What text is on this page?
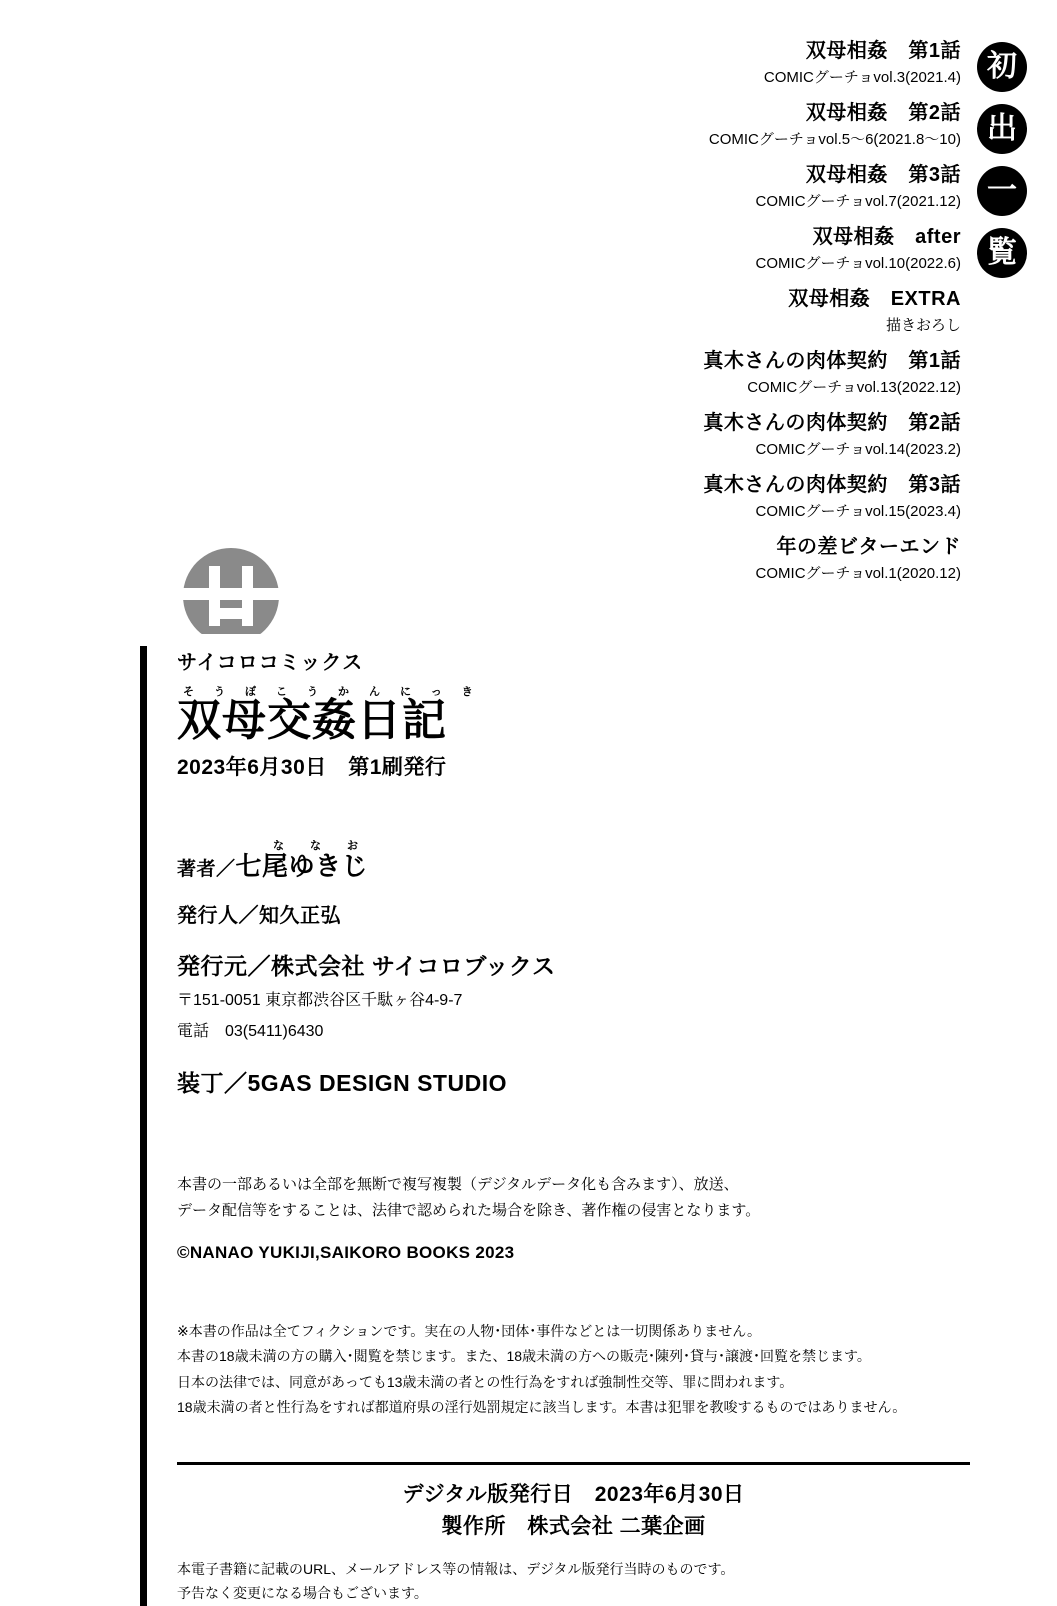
双母相姦　第1話
COMICグーチョvol.3(2021.4)
双母相姦　第2話
COMICグーチョvol.5～6(2021.8～10)
双母相姦　第3話
COMICグーチョvol.7(2021.12)
双母相姦　after
COMICグーチョvol.10(2022.6)
双母相姦　EXTRA
描きおろし
真木さんの肉体契約　第1話
COMICグーチョvol.13(2022.12)
真木さんの肉体契約　第2話
COMICグーチョvol.14(2023.2)
真木さんの肉体契約　第3話
COMICグーチョvol.15(2023.4)
年の差ビターエンド
COMICグーチョvol.1(2020.12)
初
出
一
覧
サイコロコミックス
そうぼこうかんにっき
双母交姦日記
2023年6月30日　第1刷発行
ななお
著者／七尾ゆきじ
発行人／知久正弘
発行元／株式会社 サイコロブックス
〒151-0051 東京都渋谷区千駄ヶ谷4-9-7
電話　03(5411)6430
装丁／5GAS DESIGN STUDIO
本書の一部あるいは全部を無断で複写複製（デジタルデータ化も含みます）、放送、
データ配信等をすることは、法律で認められた場合を除き、著作権の侵害となります。
©NANAO YUKIJI,SAIKORO BOOKS 2023
※本書の作品は全てフィクションです。実在の人物･団体･事件などとは一切関係ありません。
本書の18歳未満の方の購入･閲覧を禁じます。また、18歳未満の方への販売･陳列･貸与･譲渡･回覧を禁じます。
日本の法律では、同意があっても13歳未満の者との性行為をすれば強制性交等、罪に問われます。
18歳未満の者と性行為をすれば都道府県の淫行処罰規定に該当します。本書は犯罪を教唆するものではありません。
デジタル版発行日　2023年6月30日
製作所　株式会社 二葉企画
本電子書籍に記載のURL、メールアドレス等の情報は、デジタル版発行当時のものです。
予告なく変更になる場合もございます。
